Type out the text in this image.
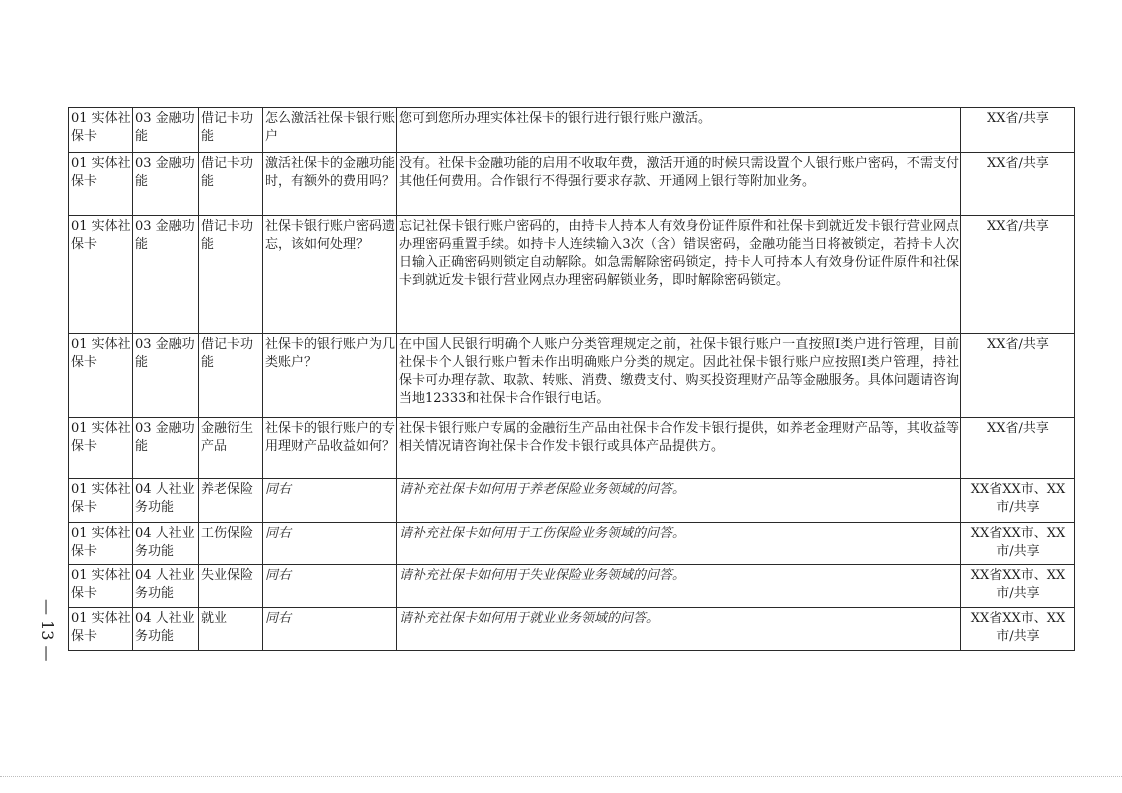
01 实体社保卡	03 金融功能	借记卡功能	怎么激活社保卡银行账户	您可到您所办理实体社保卡的银行进行银行账户激活。	XX省/共享
01 实体社保卡	03 金融功能	借记卡功能	激活社保卡的金融功能时，有额外的费用吗？	没有。社保卡金融功能的启用不收取年费，激活开通的时候只需设置个人银行账户密码，不需支付其他任何费用。合作银行不得强行要求存款、开通网上银行等附加业务。	XX省/共享
01 实体社保卡	03 金融功能	借记卡功能	社保卡银行账户密码遗忘，该如何处理？	忘记社保卡银行账户密码的，由持卡人持本人有效身份证件原件和社保卡到就近发卡银行营业网点办理密码重置手续。如持卡人连续输入3次（含）错误密码，金融功能当日将被锁定，若持卡人次日输入正确密码则锁定自动解除。如急需解除密码锁定，持卡人可持本人有效身份证件原件和社保卡到就近发卡银行营业网点办理密码解锁业务，即时解除密码锁定。	XX省/共享
01 实体社保卡	03 金融功能	借记卡功能	社保卡的银行账户为几类账户？	在中国人民银行明确个人账户分类管理规定之前，社保卡银行账户一直按照I类户进行管理，目前社保卡个人银行账户暂未作出明确账户分类的规定。因此社保卡银行账户应按照I类户管理，持社保卡可办理存款、取款、转账、消费、缴费支付、购买投资理财产品等金融服务。具体问题请咨询当地12333和社保卡合作银行电话。	XX省/共享
01 实体社保卡	03 金融功能	金融衍生产品	社保卡的银行账户的专用理财产品收益如何？	社保卡银行账户专属的金融衍生产品由社保卡合作发卡银行提供，如养老金理财产品等，其收益等相关情况请咨询社保卡合作发卡银行或具体产品提供方。	XX省/共享
01 实体社保卡	04 人社业务功能	养老保险	同右	请补充社保卡如何用于养老保险业务领域的问答。	XX省XX市、XX市/共享
01 实体社保卡	04 人社业务功能	工伤保险	同右	请补充社保卡如何用于工伤保险业务领域的问答。	XX省XX市、XX市/共享
01 实体社保卡	04 人社业务功能	失业保险	同右	请补充社保卡如何用于失业保险业务领域的问答。	XX省XX市、XX市/共享
01 实体社保卡	04 人社业务功能	就业	同右	请补充社保卡如何用于就业业务领域的问答。	XX省XX市、XX市/共享
— 13 —
